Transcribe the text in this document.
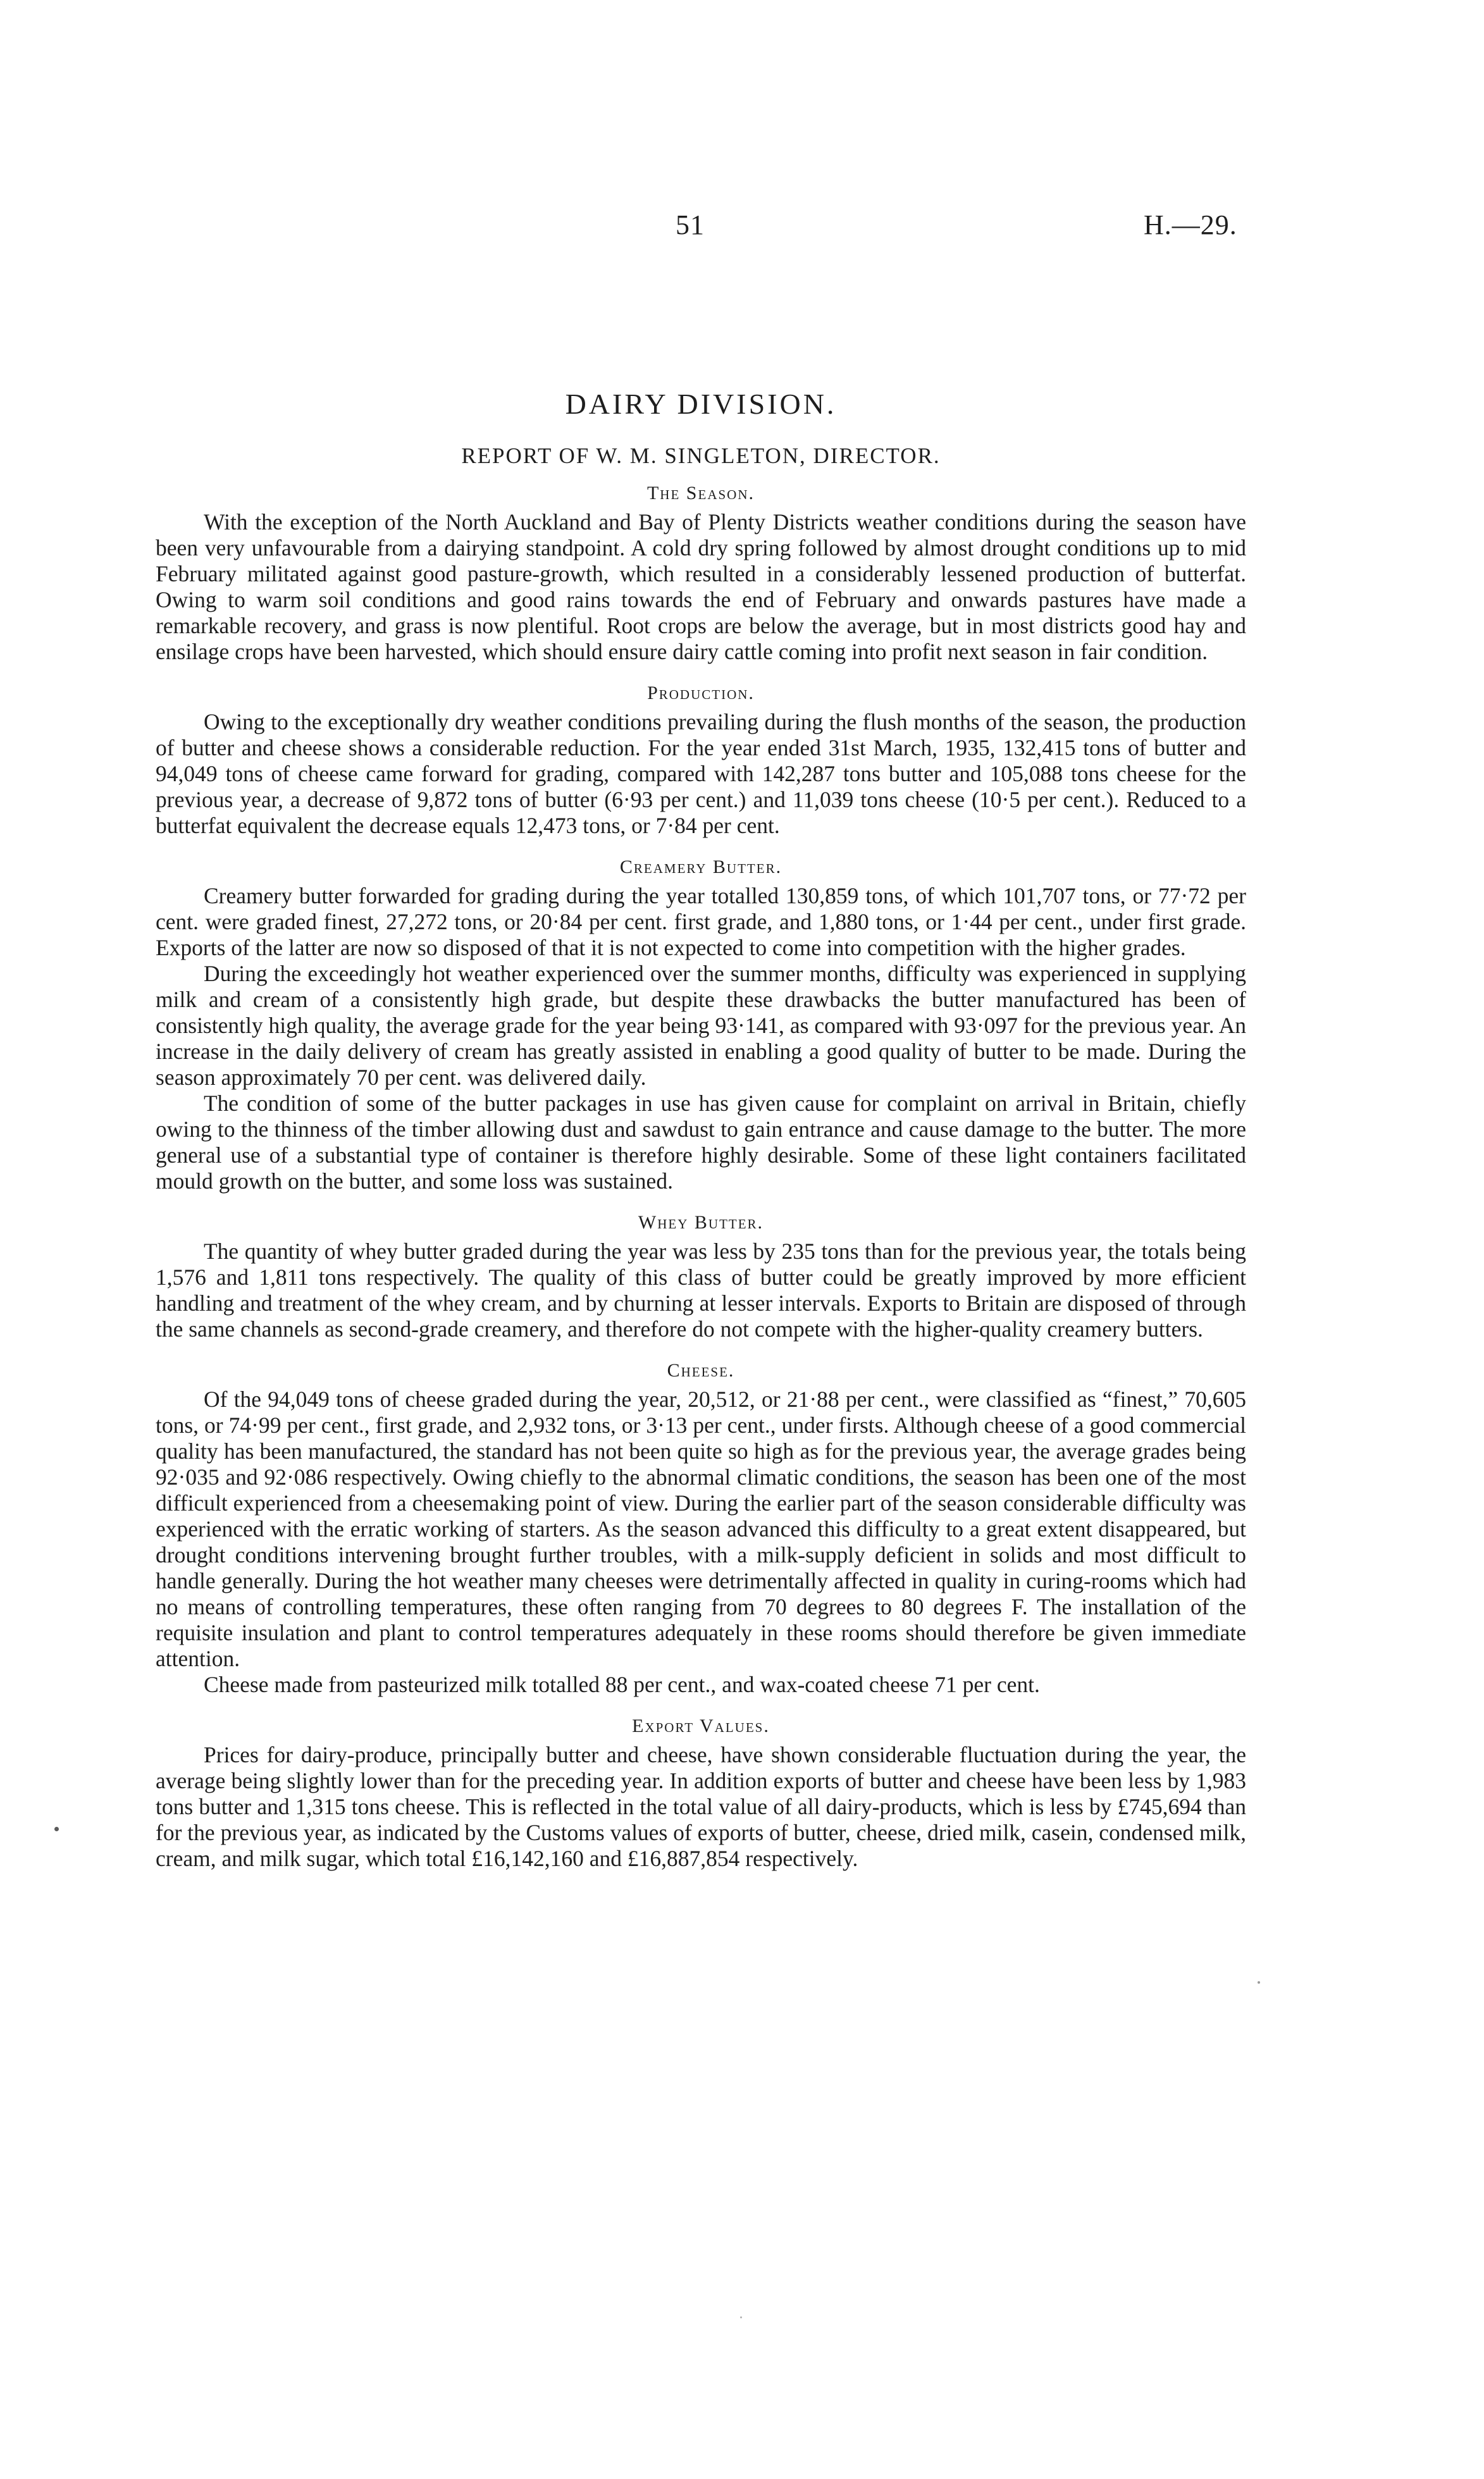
51	H.—29.
DAIRY DIVISION.
REPORT OF W. M. SINGLETON, DIRECTOR.
The Season.

With the exception of the North Auckland and Bay of Plenty Districts weather conditions during the season have been very unfavourable from a dairying standpoint. A cold dry spring followed by almost drought conditions up to mid February militated against good pasture-growth, which resulted in a considerably lessened production of butterfat. Owing to warm soil conditions and good rains towards the end of February and onwards pastures have made a remarkable recovery, and grass is now plentiful. Root crops are below the average, but in most districts good hay and ensilage crops have been harvested, which should ensure dairy cattle coming into profit next season in fair condition.

Production.

Owing to the exceptionally dry weather conditions prevailing during the flush months of the season, the production of butter and cheese shows a considerable reduction. For the year ended 31st March, 1935, 132,415 tons of butter and 94,049 tons of cheese came forward for grading, compared with 142,287 tons butter and 105,088 tons cheese for the previous year, a decrease of 9,872 tons of butter (6·93 per cent.) and 11,039 tons cheese (10·5 per cent.). Reduced to a butterfat equivalent the decrease equals 12,473 tons, or 7·84 per cent.

Creamery Butter.

Creamery butter forwarded for grading during the year totalled 130,859 tons, of which 101,707 tons, or 77·72 per cent. were graded finest, 27,272 tons, or 20·84 per cent. first grade, and 1,880 tons, or 1·44 per cent., under first grade. Exports of the latter are now so disposed of that it is not expected to come into competition with the higher grades.

During the exceedingly hot weather experienced over the summer months, difficulty was experienced in supplying milk and cream of a consistently high grade, but despite these drawbacks the butter manufactured has been of consistently high quality, the average grade for the year being 93·141, as compared with 93·097 for the previous year. An increase in the daily delivery of cream has greatly assisted in enabling a good quality of butter to be made. During the season approximately 70 per cent. was delivered daily.

The condition of some of the butter packages in use has given cause for complaint on arrival in Britain, chiefly owing to the thinness of the timber allowing dust and sawdust to gain entrance and cause damage to the butter. The more general use of a substantial type of container is therefore highly desirable. Some of these light containers facilitated mould growth on the butter, and some loss was sustained.

Whey Butter.

The quantity of whey butter graded during the year was less by 235 tons than for the previous year, the totals being 1,576 and 1,811 tons respectively. The quality of this class of butter could be greatly improved by more efficient handling and treatment of the whey cream, and by churning at lesser intervals. Exports to Britain are disposed of through the same channels as second-grade creamery, and therefore do not compete with the higher-quality creamery butters.

Cheese.

Of the 94,049 tons of cheese graded during the year, 20,512, or 21·88 per cent., were classified as “finest,” 70,605 tons, or 74·99 per cent., first grade, and 2,932 tons, or 3·13 per cent., under firsts. Although cheese of a good commercial quality has been manufactured, the standard has not been quite so high as for the previous year, the average grades being 92·035 and 92·086 respectively. Owing chiefly to the abnormal climatic conditions, the season has been one of the most difficult experienced from a cheesemaking point of view. During the earlier part of the season considerable difficulty was experienced with the erratic working of starters. As the season advanced this difficulty to a great extent disappeared, but drought conditions intervening brought further troubles, with a milk-supply deficient in solids and most difficult to handle generally. During the hot weather many cheeses were detrimentally affected in quality in curing-rooms which had no means of controlling temperatures, these often ranging from 70 degrees to 80 degrees F. The installation of the requisite insulation and plant to control temperatures adequately in these rooms should therefore be given immediate attention.

Cheese made from pasteurized milk totalled 88 per cent., and wax-coated cheese 71 per cent.

Export Values.

Prices for dairy-produce, principally butter and cheese, have shown considerable fluctuation during the year, the average being slightly lower than for the preceding year. In addition exports of butter and cheese have been less by 1,983 tons butter and 1,315 tons cheese. This is reflected in the total value of all dairy-products, which is less by £745,694 than for the previous year, as indicated by the Customs values of exports of butter, cheese, dried milk, casein, condensed milk, cream, and milk sugar, which total £16,142,160 and £16,887,854 respectively.
